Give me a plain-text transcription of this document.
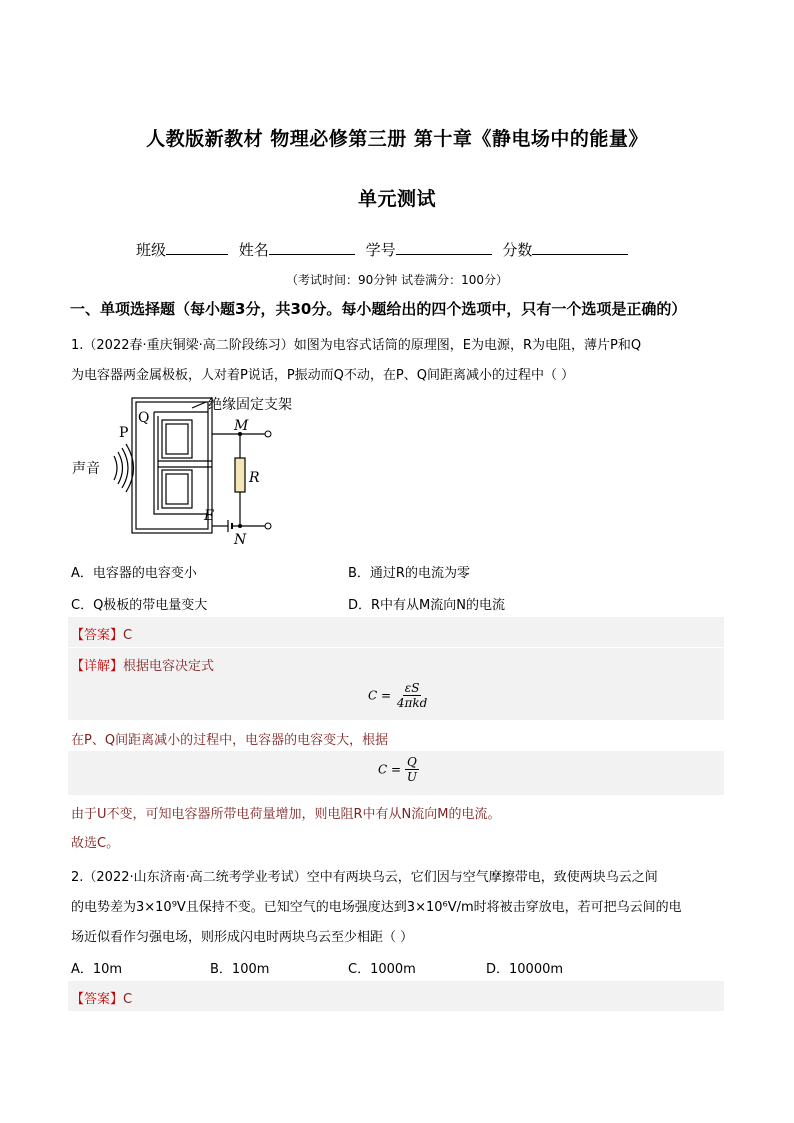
人教版新教材 物理必修第三册 第十章《静电场中的能量》
单元测试
班级	姓名	学号	分数
（考试时间：90分钟 试卷满分：100分）
一、单项选择题（每小题3分，共30分。每小题给出的四个选项中，只有一个选项是正确的）
1.（2022春·重庆铜梁·高二阶段练习）如图为电容式话筒的原理图，E为电源，R为电阻，薄片P和Q
为电容器两金属极板，人对着P说话，P振动而Q不动，在P、Q间距离减小的过程中（ ）
绝缘固定支架
P
Q	M
R
E
N
声音
A．电容器的电容变小	B．通过R的电流为零
C．Q极板的带电量变大	D．R中有从M流向N的电流
【答案】C
【详解】根据电容决定式
$C = \frac{\varepsilon S}{\text{4πkd}}$
在P、Q间距离减小的过程中，电容器的电容变大，根据
$C = \frac{Q}{U}$
由于U不变，可知电容器所带电荷量增加，则电阻R中有从N流向M的电流。
故选C。
2.（2022·山东济南·高二统考学业考试）空中有两块乌云，它们因与空气摩擦带电，致使两块乌云之间
的电势差为3×10⁹V且保持不变。已知空气的电场强度达到3×10⁶V/m时将被击穿放电，若可把乌云间的电
场近似看作匀强电场，则形成闪电时两块乌云至少相距（ ）
A．10m	B．100m	C．1000m	D．10000m
【答案】C
